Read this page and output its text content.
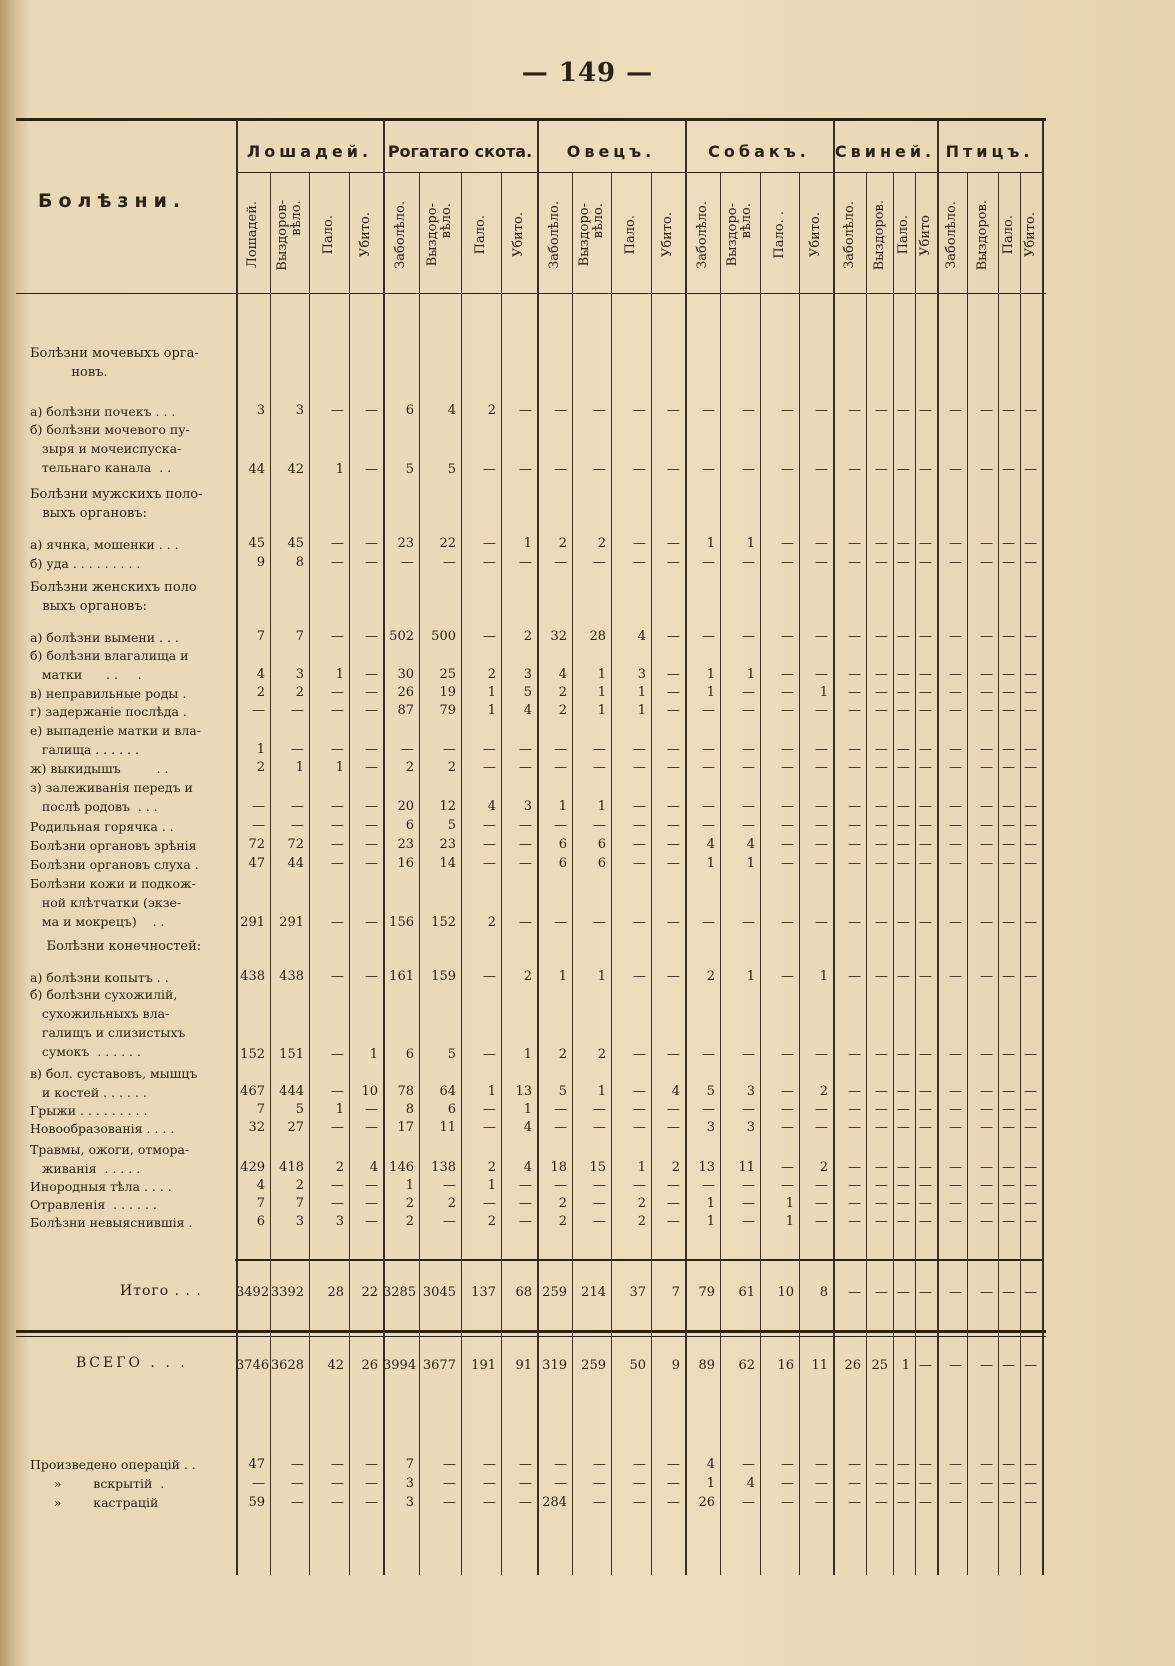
— 149 —
Болѣзни.
Лошадей.
Лошадей. Выздоров-
вѣло. Пало. Убито.
Рогатаго скота.
Заболѣло. Выздоро-
вѣло. Пало. Убито.
Овецъ.
Заболѣло. Выздоро-
вѣло. Пало. Убито.
Собакъ.
Заболѣло. Выздоро-
вѣло. Пало. . Убито.
Свиней.
Заболѣло. Выздоров. Пало. Убито
Птицъ.
Заболѣло. Выздоров. Пало. Убито.
Болѣзни мочевыхъ орга-
новъ.
а) болѣзни почекъ . . .	3	3	—	—	6	4	2	—	—	—	—	—	—	—	—	—	—	— — —	—	— — —
б) болѣзни мочевого пу-
зыря и мочеиспуска-
тельнаго канала  . .	44	42	1	—	5	5	—	—	—	—	—	—	—	—	—	—	—	— — —	—	— — —
Болѣзни мужскихъ поло-
выхъ органовъ:
а) ячнка, мошенки . . .	45	45	—	—	23	22	—	1	2	2	—	—	1	1	—	—	—	— — —	—	— — —
б) уда . . . . . . . . .	9	8	—	—	—	—	—	—	—	—	—	—	—	—	—	—	—	— — —	—	— — —
Болѣзни женскихъ поло
выхъ органовъ:
а) болѣзни вымени . . .	7	7	—	— 502	500	—	2	32	28	4	—	—	—	—	—	—	— — —	—	— — —
б) болѣзни влагалища и
матки      . .     .	4	3	1	—	30	25	2	3	4	1	3	—	1	1	—	—	—	— — —	—	— — —
в) неправильные роды .	2	2	—	—	26	19	1	5	2	1	1	—	1	—	—	1	—	— — —	—	— — —
г) задержаніе послѣда .	—	—	—	—	87	79	1	4	2	1	1	—	—	—	—	—	—	— — —	—	— — —
е) выпаденіе матки и вла-
галища . . . . . .	1	—	—	—	—	—	—	—	—	—	—	—	—	—	—	—	—	— — —	—	— — —
ж) выкидышъ         . .	2	1	1	—	2	2	—	—	—	—	—	—	—	—	—	—	—	— — —	—	— — —
з) залеживанія передъ и
послѣ родовъ  . . .	—	—	—	—	20	12	4	3	1	1	—	—	—	—	—	—	—	— — —	—	— — —
Родильная горячка . .	—	—	—	—	6	5	—	—	—	—	—	—	—	—	—	—	—	— — —	—	— — —
Болѣзни органовъ зрѣнія	72	72	—	—	23	23	—	—	6	6	—	—	4	4	—	—	—	— — —	—	— — —
Болѣзни органовъ слуха .	47	44	—	—	16	14	—	—	6	6	—	—	1	1	—	—	—	— — —	—	— — —
Болѣзни кожи и подкож-
ной клѣтчатки (экзе-
ма и мокрецъ)    . .	291	291	—	— 156	152	2	—	—	—	—	—	—	—	—	—	—	— — —	—	— — —
Болѣзни конечностей:
а) болѣзни копытъ . .	438	438	—	— 161	159	—	2	1	1	—	—	2	1	—	1	—	— — —	—	— — —
б) болѣзни сухожилій,
сухожильныхъ вла-
галищъ и слизистыхъ
сумокъ  . . . . . .	152	151	—	1	6	5	—	1	2	2	—	—	—	—	—	—	—	— — —	—	— — —
в) бол. суставовъ, мышцъ
и костей . . . . . .	467	444	—	10	78	64	1	13	5	1	—	4	5	3	—	2	—	— — —	—	— — —
Грыжи . . . . . . . . .	7	5	1	—	8	6	—	1	—	—	—	—	—	—	—	—	—	— — —	—	— — —
Новообразованія . . . .	32	27	—	—	17	11	—	4	—	—	—	—	3	3	—	—	—	— — —	—	— — —
Травмы, ожоги, отмора-
живанія  . . . . .	429	418	2	4 146	138	2	4	18	15	1	2	13	11	—	2	—	— — —	—	— — —
Инородныя тѣла . . . .	4	2	—	—	1	—	1	—	—	—	—	—	—	—	—	—	—	— — —	—	— — —
Отравленія  . . . . . .	7	7	—	—	2	2	—	—	2	—	2	—	1	—	1	—	—	— — —	—	— — —
Болѣзни невыяснившія .	6	3	3	—	2	—	2	—	2	—	2	—	1	—	1	—	—	— — —	—	— — —
Итого . . .	3492 3392	28	22 3285 3045	137	68 259	214	37	7	79	61	10	8	—	— — —	—	— — —
ВСЕГО . . .	3746 3628	42	26 3994 3677	191	91 319	259	50	9	89	62	16	11	26 25	1 —	—	— — —
Произведено операцій . .	47	—	—	—	7	—	—	—	—	—	—	—	4	—	—	—	—	— — —	—	— — —
»        вскрытій  .	—	—	—	—	3	—	—	—	—	—	—	—	1	4	—	—	—	— — —	—	— — —
»        кастрацій	59	—	—	—	3	—	—	— 284	—	—	—	26	—	—	—	—	— — —	—	— — —
